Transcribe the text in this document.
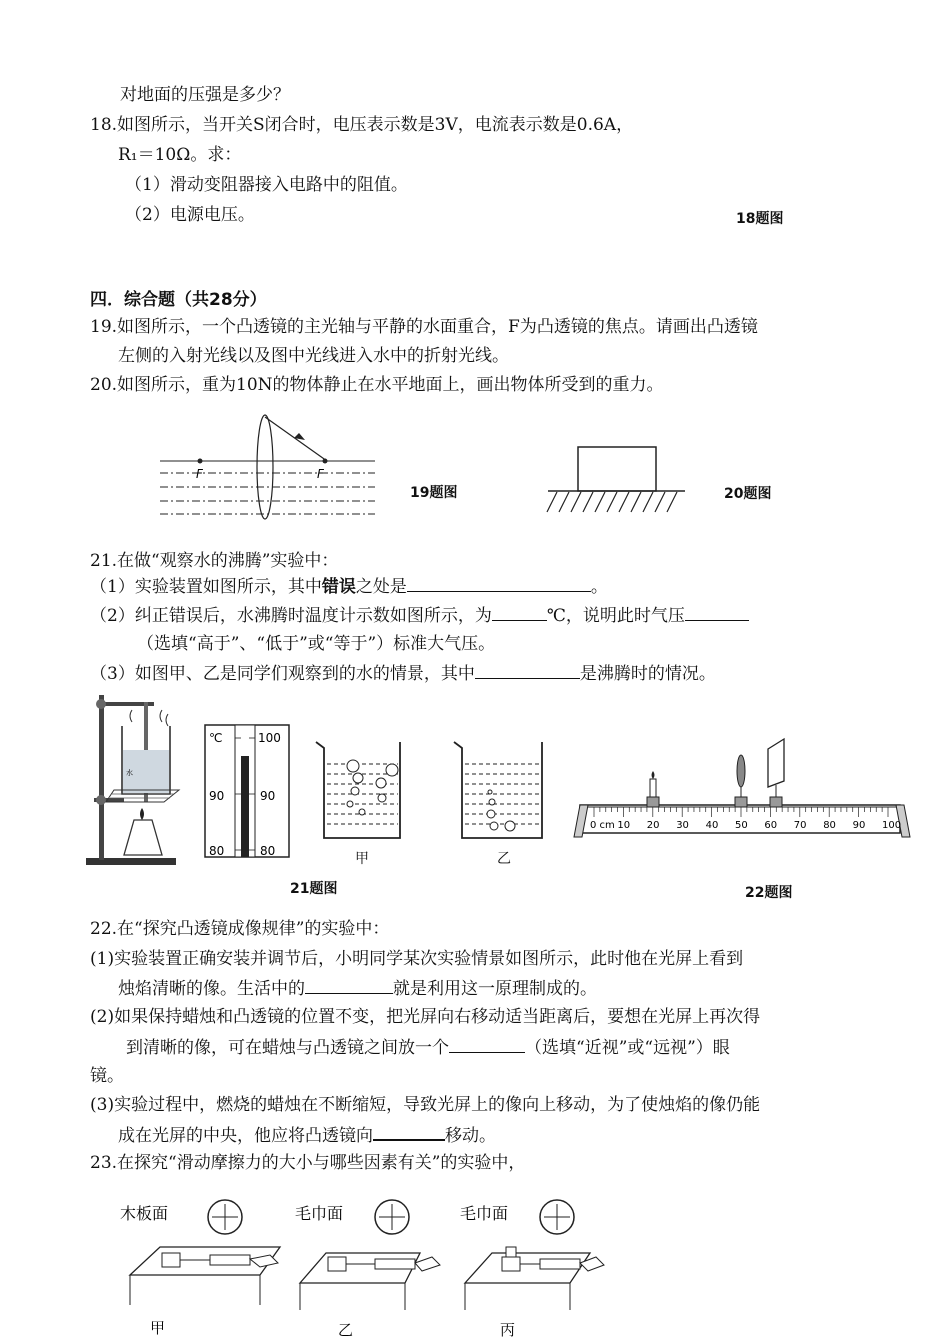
对地面的压强是多少？
18.如图所示，当开关S闭合时，电压表示数是3V，电流表示数是0.6A，
R₁＝10Ω。求：
（1）滑动变阻器接入电路中的阻值。
（2）电源电压。	18题图
四．综合题（共28分）
19.如图所示，一个凸透镜的主光轴与平静的水面重合，F为凸透镜的焦点。请画出凸透镜
左侧的入射光线以及图中光线进入水中的折射光线。
20.如图所示，重为10N的物体静止在水平地面上，画出物体所受到的重力。
F	F
19题图	20题图
21.在做“观察水的沸腾”实验中：
（1）实验装置如图所示，其中错误之处是	。
（2）纠正错误后，水沸腾时温度计示数如图所示，为	℃，说明此时气压
（选填“高于”、“低于”或“等于”）标准大气压。
（3）如图甲、乙是同学们观察到的水的情景，其中	是沸腾时的情况。
水
℃	100
90	90
80	80	甲	乙
21题图
0 cm 10 20 30 40 50 60 70 80 90 100
22题图
22.在“探究凸透镜成像规律”的实验中：
(1)实验装置正确安装并调节后，小明同学某次实验情景如图所示，此时他在光屏上看到
烛焰清晰的像。生活中的	就是利用这一原理制成的。
(2)如果保持蜡烛和凸透镜的位置不变，把光屏向右移动适当距离后，要想在光屏上再次得
到清晰的像，可在蜡烛与凸透镜之间放一个	（选填“近视”或“远视”）眼
镜。
(3)实验过程中，燃烧的蜡烛在不断缩短，导致光屏上的像向上移动，为了使烛焰的像仍能
成在光屏的中央，他应将凸透镜向	移动。
23.在探究“滑动摩擦力的大小与哪些因素有关”的实验中，
木板面
甲
毛巾面
乙
毛巾面
丙
